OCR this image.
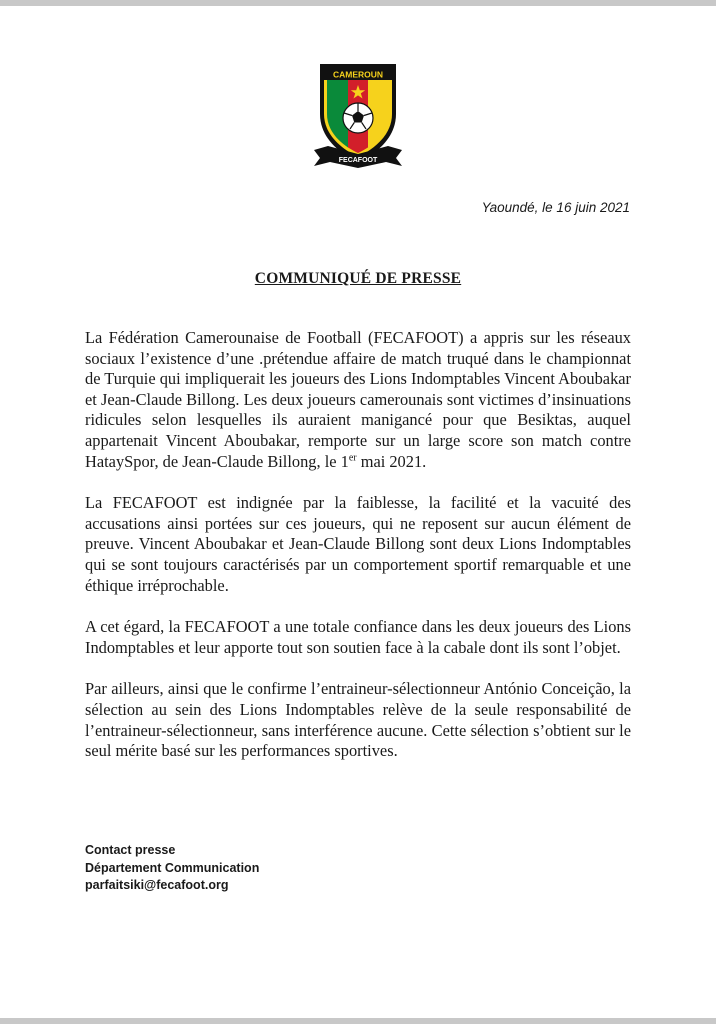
CAMEROUN
FECAFOOT
Yaoundé, le 16 juin 2021
COMMUNIQUÉ DE PRESSE

La Fédération Camerounaise de Football (FECAFOOT) a appris sur les réseaux sociaux l’existence d’une .prétendue affaire de match truqué dans le championnat de Turquie qui impliquerait les joueurs des Lions Indomptables Vincent Aboubakar et Jean-Claude Billong. Les deux joueurs camerounais sont victimes d’insinuations ridicules selon lesquelles ils auraient manigancé pour que Besiktas, auquel appartenait Vincent Aboubakar, remporte sur un large score son match contre HataySpor, de Jean-Claude Billong, le 1er mai 2021.

La FECAFOOT est indignée par la faiblesse, la facilité et la vacuité des accusations ainsi portées sur ces joueurs, qui ne reposent sur aucun élément de preuve. Vincent Aboubakar et Jean-Claude Billong sont deux Lions Indomptables qui se sont toujours caractérisés par un comportement sportif remarquable et une éthique irréprochable.

A cet égard, la FECAFOOT a une totale confiance dans les deux joueurs des Lions Indomptables et leur apporte tout son soutien face à la cabale dont ils sont l’objet.

Par ailleurs, ainsi que le confirme l’entraineur-sélectionneur António Conceição, la sélection au sein des Lions Indomptables relève de la seule responsabilité de l’entraineur-sélectionneur, sans interférence aucune. Cette sélection s’obtient sur le seul mérite basé sur les performances sportives.

Contact presse
Département Communication
parfaitsiki@fecafoot.org
